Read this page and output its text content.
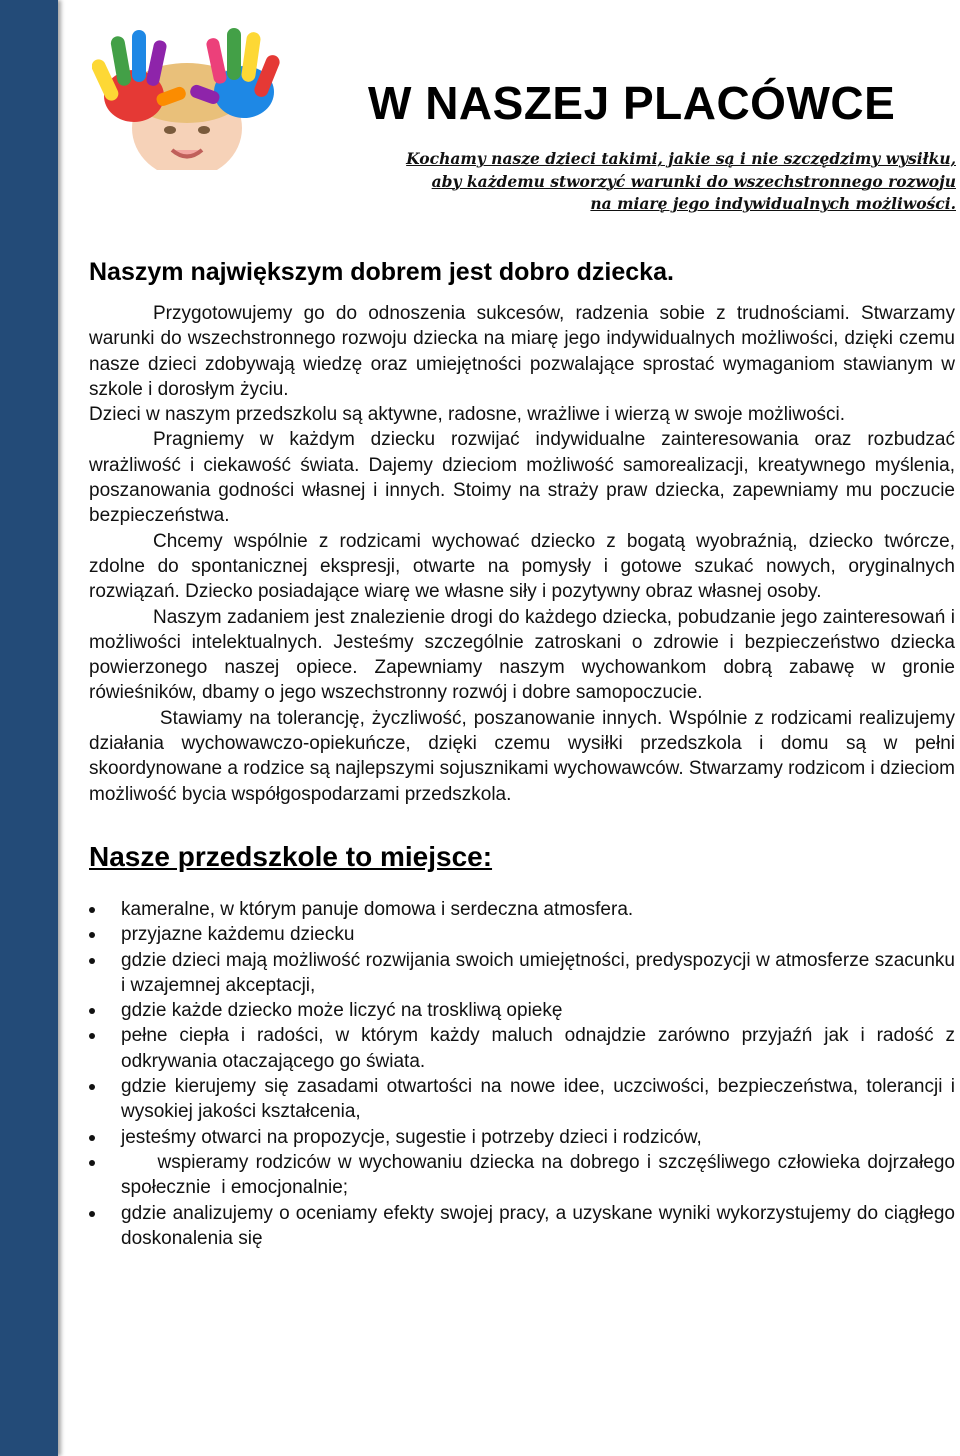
W NASZEJ PLACÓWCE
Kochamy nasze dzieci takimi, jakie są i nie szczędzimy wysiłku,
aby każdemu stworzyć warunki do wszechstronnego rozwoju
na miarę jego indywidualnych możliwości.
Naszym największym dobrem jest dobro dziecka.

Przygotowujemy go do odnoszenia sukcesów, radzenia sobie z trudnościami. Stwarzamy warunki do wszechstronnego rozwoju dziecka na miarę jego indywidualnych możliwości, dzięki czemu nasze dzieci zdobywają wiedzę oraz umiejętności pozwalające sprostać wymaganiom stawianym w szkole i dorosłym życiu.

Dzieci w naszym przedszkolu są aktywne, radosne, wrażliwe i wierzą w swoje możliwości.

Pragniemy w każdym dziecku rozwijać indywidualne zainteresowania oraz rozbudzać wrażliwość i ciekawość świata. Dajemy dzieciom możliwość samorealizacji, kreatywnego myślenia, poszanowania godności własnej i innych. Stoimy na straży praw dziecka, zapewniamy mu poczucie bezpieczeństwa.

Chcemy wspólnie z rodzicami wychować dziecko z bogatą wyobraźnią, dziecko twórcze, zdolne do spontanicznej ekspresji, otwarte na pomysły i gotowe szukać nowych, oryginalnych rozwiązań. Dziecko posiadające wiarę we własne siły i pozytywny obraz własnej osoby.

Naszym zadaniem jest znalezienie drogi do każdego dziecka, pobudzanie jego zainteresowań i możliwości intelektualnych. Jesteśmy szczególnie zatroskani o zdrowie i bezpieczeństwo dziecka powierzonego naszej opiece. Zapewniamy naszym wychowankom dobrą zabawę w gronie rówieśników, dbamy o jego wszechstronny rozwój i dobre samopoczucie.

Stawiamy na tolerancję, życzliwość, poszanowanie innych. Wspólnie z rodzicami realizujemy działania wychowawczo-opiekuńcze, dzięki czemu wysiłki przedszkola i domu są w pełni skoordynowane a rodzice są najlepszymi sojusznikami wychowawców. Stwarzamy rodzicom i dzieciom możliwość bycia współgospodarzami przedszkola.

Nasze przedszkole to miejsce:
kameralne, w którym panuje domowa i serdeczna atmosfera.
przyjazne każdemu dziecku
gdzie dzieci mają możliwość rozwijania swoich umiejętności, predyspozycji w atmosferze szacunku i wzajemnej akceptacji,
gdzie każde dziecko może liczyć na troskliwą opiekę
pełne ciepła i radości, w którym każdy maluch odnajdzie zarówno przyjaźń jak i radość z odkrywania otaczającego go świata.
gdzie kierujemy się zasadami otwartości na nowe idee, uczciwości, bezpieczeństwa, tolerancji i wysokiej jakości kształcenia,
jesteśmy otwarci na propozycje, sugestie i potrzeby dzieci i rodziców,
wspieramy rodziców w wychowaniu dziecka na dobrego i szczęśliwego człowieka dojrzałego społecznie  i emocjonalnie;
gdzie analizujemy o oceniamy efekty swojej pracy, a uzyskane wyniki wykorzystujemy do ciągłego doskonalenia się
